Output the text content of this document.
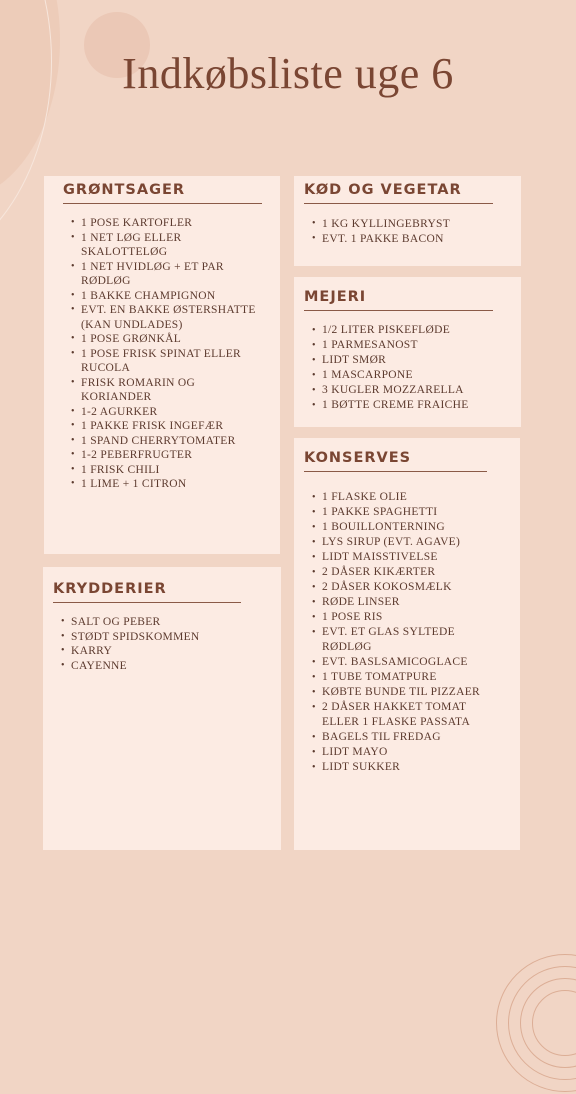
Indkøbsliste uge 6
GRØNTSAGER
• 1 POSE KARTOFLER
• 1 NET LØG ELLER SKALOTTELØG
• 1 NET HVIDLØG + ET PAR RØDLØG
• 1 BAKKE CHAMPIGNON
• EVT. EN BAKKE ØSTERSHATTE (KAN UNDLADES)
• 1 POSE GRØNKÅL
• 1 POSE FRISK SPINAT ELLER RUCOLA
• FRISK ROMARIN OG KORIANDER
• 1-2 AGURKER
• 1 PAKKE FRISK INGEFÆR
• 1 SPAND CHERRYTOMATER
• 1-2 PEBERFRUGTER
• 1 FRISK CHILI
• 1 LIME + 1 CITRON
KRYDDERIER
• SALT OG PEBER
• STØDT SPIDSKOMMEN
• KARRY
• CAYENNE
KØD OG VEGETAR
• 1 KG KYLLINGEBRYST
• EVT. 1 PAKKE BACON
MEJERI
• 1/2 LITER PISKEFLØDE
• 1 PARMESANOST
• LIDT SMØR
• 1 MASCARPONE
• 3 KUGLER MOZZARELLA
• 1 BØTTE CREME FRAICHE
KONSERVES
• 1 FLASKE OLIE
• 1 PAKKE SPAGHETTI
• 1 BOUILLONTERNING
• LYS SIRUP (EVT. AGAVE)
• LIDT MAISSTIVELSE
• 2 DÅSER KIKÆRTER
• 2 DÅSER KOKOSMÆLK
• RØDE LINSER
• 1 POSE RIS
• EVT. ET GLAS SYLTEDE RØDLØG
• EVT. BASLSAMICOGLACE
• 1 TUBE TOMATPURE
• KØBTE BUNDE TIL PIZZAER
• 2 DÅSER HAKKET TOMAT ELLER 1 FLASKE PASSATA
• BAGELS TIL FREDAG
• LIDT MAYO
• LIDT SUKKER
